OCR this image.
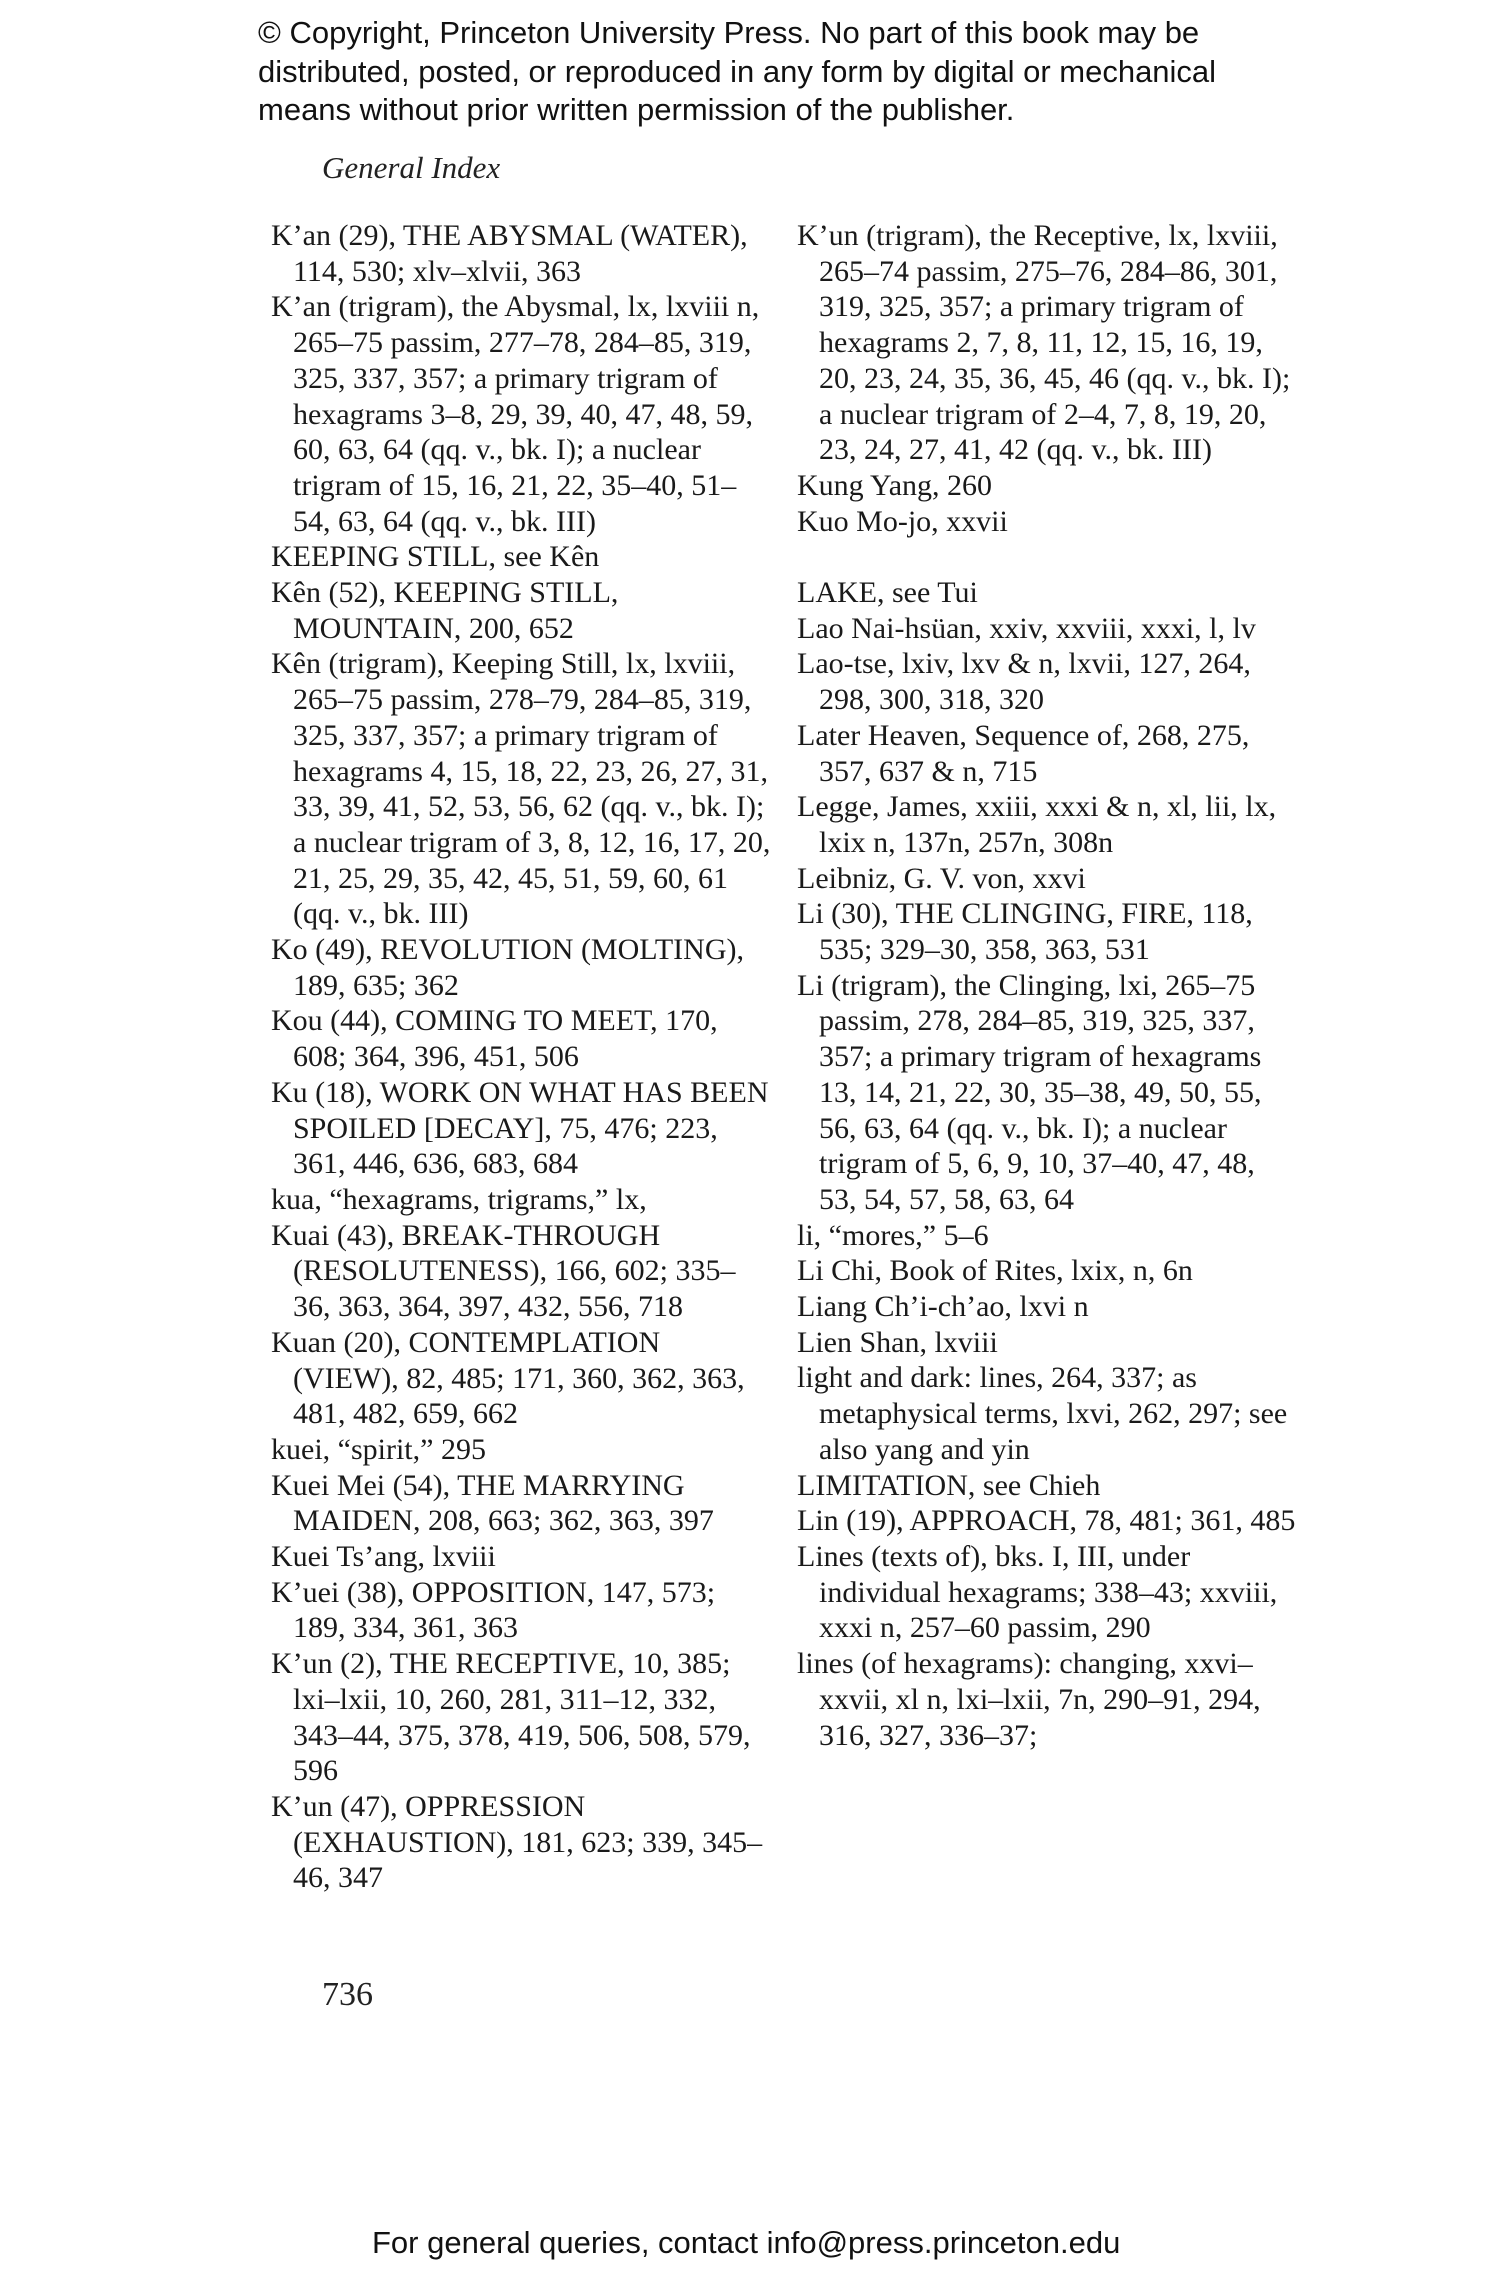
© Copyright, Princeton University Press. No part of this book may be
distributed, posted, or reproduced in any form by digital or mechanical
means without prior written permission of the publisher.
General Index
K’an (29), THE ABYSMAL (WATER), 114, 530; xlv–xlvii, 363
K’an (trigram), the Abysmal, lx, lxviii n, 265–75 passim, 277–78, 284–85, 319, 325, 337, 357; a primary trigram of hexagrams 3–8, 29, 39, 40, 47, 48, 59, 60, 63, 64 (qq. v., bk. I); a nuclear trigram of 15, 16, 21, 22, 35–40, 51–54, 63, 64 (qq. v., bk. III)
KEEPING STILL, see Kên
Kên (52), KEEPING STILL, MOUNTAIN, 200, 652
Kên (trigram), Keeping Still, lx, lxviii, 265–75 passim, 278–79, 284–85, 319, 325, 337, 357; a primary trigram of hexagrams 4, 15, 18, 22, 23, 26, 27, 31, 33, 39, 41, 52, 53, 56, 62 (qq. v., bk. I); a nuclear trigram of 3, 8, 12, 16, 17, 20, 21, 25, 29, 35, 42, 45, 51, 59, 60, 61 (qq. v., bk. III)
Ko (49), REVOLUTION (MOLTING), 189, 635; 362
Kou (44), COMING TO MEET, 170, 608; 364, 396, 451, 506
Ku (18), WORK ON WHAT HAS BEEN SPOILED [DECAY], 75, 476; 223, 361, 446, 636, 683, 684
kua, “hexagrams, trigrams,” lx,
Kuai (43), BREAK-THROUGH (RESOLUTENESS), 166, 602; 335–36, 363, 364, 397, 432, 556, 718
Kuan (20), CONTEMPLATION (VIEW), 82, 485; 171, 360, 362, 363, 481, 482, 659, 662
kuei, “spirit,” 295
Kuei Mei (54), THE MARRYING MAIDEN, 208, 663; 362, 363, 397
Kuei Ts’ang, lxviii
K’uei (38), OPPOSITION, 147, 573; 189, 334, 361, 363
K’un (2), THE RECEPTIVE, 10, 385; lxi–lxii, 10, 260, 281, 311–12, 332, 343–44, 375, 378, 419, 506, 508, 579, 596
K’un (47), OPPRESSION (EXHAUSTION), 181, 623; 339, 345–46, 347
K’un (trigram), the Receptive, lx, lxviii, 265–74 passim, 275–76, 284–86, 301, 319, 325, 357; a primary trigram of hexagrams 2, 7, 8, 11, 12, 15, 16, 19, 20, 23, 24, 35, 36, 45, 46 (qq. v., bk. I); a nuclear trigram of 2–4, 7, 8, 19, 20, 23, 24, 27, 41, 42 (qq. v., bk. III)
Kung Yang, 260
Kuo Mo-jo, xxvii
LAKE, see Tui
Lao Nai-hsüan, xxiv, xxviii, xxxi, l, lv
Lao-tse, lxiv, lxv & n, lxvii, 127, 264, 298, 300, 318, 320
Later Heaven, Sequence of, 268, 275, 357, 637 & n, 715
Legge, James, xxiii, xxxi & n, xl, lii, lx, lxix n, 137n, 257n, 308n
Leibniz, G. V. von, xxvi
Li (30), THE CLINGING, FIRE, 118, 535; 329–30, 358, 363, 531
Li (trigram), the Clinging, lxi, 265–75 passim, 278, 284–85, 319, 325, 337, 357; a primary trigram of hexagrams 13, 14, 21, 22, 30, 35–38, 49, 50, 55, 56, 63, 64 (qq. v., bk. I); a nuclear trigram of 5, 6, 9, 10, 37–40, 47, 48, 53, 54, 57, 58, 63, 64
li, “mores,” 5–6
Li Chi, Book of Rites, lxix, n, 6n
Liang Ch’i-ch’ao, lxvi n
Lien Shan, lxviii
light and dark: lines, 264, 337; as metaphysical terms, lxvi, 262, 297; see also yang and yin
LIMITATION, see Chieh
Lin (19), APPROACH, 78, 481; 361, 485
Lines (texts of), bks. I, III, under individual hexagrams; 338–43; xxviii, xxxi n, 257–60 passim, 290
lines (of hexagrams): changing, xxvi–xxvii, xl n, lxi–lxii, 7n, 290–91, 294, 316, 327, 336–37;
736
For general queries, contact info@press.princeton.edu
